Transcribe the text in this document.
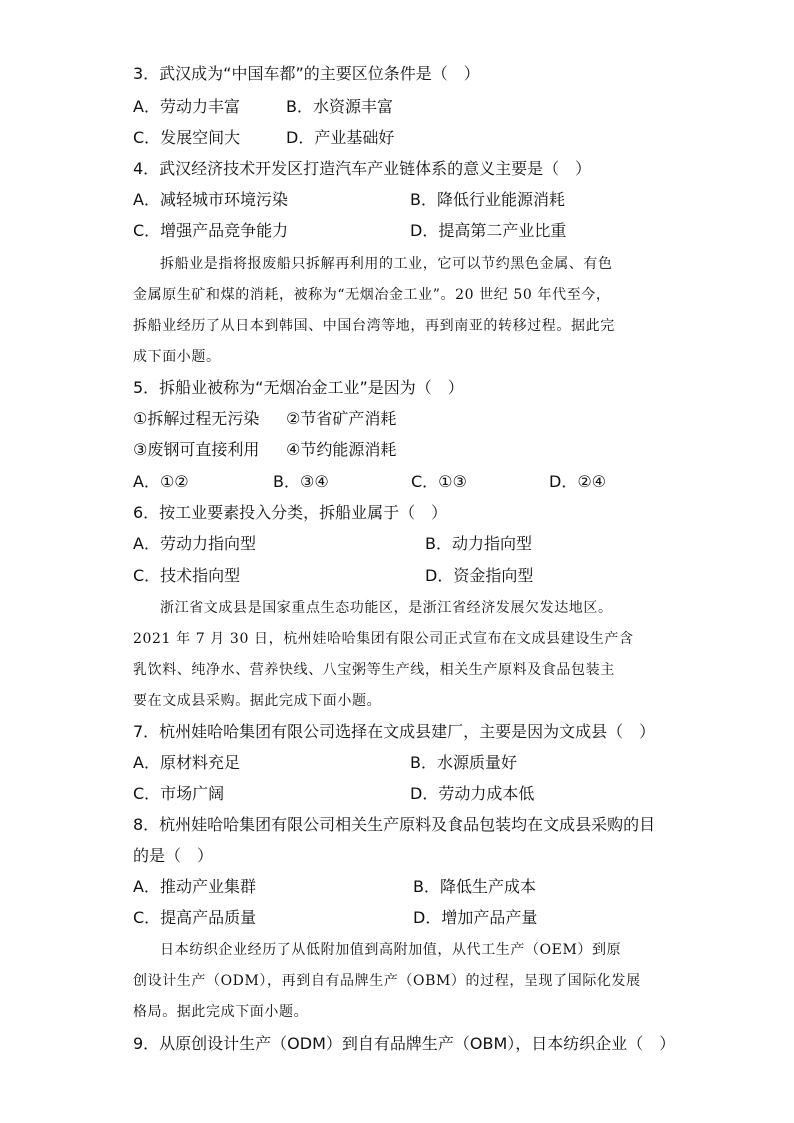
3．武汉成为“中国车都”的主要区位条件是（　）
A．劳动力丰富	B．水资源丰富
C．发展空间大	D．产业基础好
4．武汉经济技术开发区打造汽车产业链体系的意义主要是（　）
A．减轻城市环境污染	B．降低行业能源消耗
C．增强产品竞争能力	D．提高第二产业比重
拆船业是指将报废船只拆解再利用的工业，它可以节约黑色金属、有色
金属原生矿和煤的消耗，被称为“无烟冶金工业”。20 世纪 50 年代至今，
拆船业经历了从日本到韩国、中国台湾等地，再到南亚的转移过程。据此完
成下面小题。
5．拆船业被称为“无烟冶金工业”是因为（　）
①拆解过程无污染 ②节省矿产消耗
③废钢可直接利用 ④节约能源消耗
A．①②	B．③④	C．①③	D．②④
6．按工业要素投入分类，拆船业属于（　）
A．劳动力指向型	B．动力指向型
C．技术指向型	D．资金指向型
浙江省文成县是国家重点生态功能区，是浙江省经济发展欠发达地区。
2021 年 7 月 30 日，杭州娃哈哈集团有限公司正式宣布在文成县建设生产含
乳饮料、纯净水、营养快线、八宝粥等生产线，相关生产原料及食品包装主
要在文成县采购。据此完成下面小题。
7．杭州娃哈哈集团有限公司选择在文成县建厂，主要是因为文成县（　）
A．原材料充足	B．水源质量好
C．市场广阔	D．劳动力成本低
8．杭州娃哈哈集团有限公司相关生产原料及食品包装均在文成县采购的目
的是（　）
A．推动产业集群	B．降低生产成本
C．提高产品质量	D．增加产品产量
日本纺织企业经历了从低附加值到高附加值，从代工生产（OEM）到原
创设计生产（ODM），再到自有品牌生产（OBM）的过程，呈现了国际化发展
格局。据此完成下面小题。
9．从原创设计生产（ODM）到自有品牌生产（OBM），日本纺织企业（　）
